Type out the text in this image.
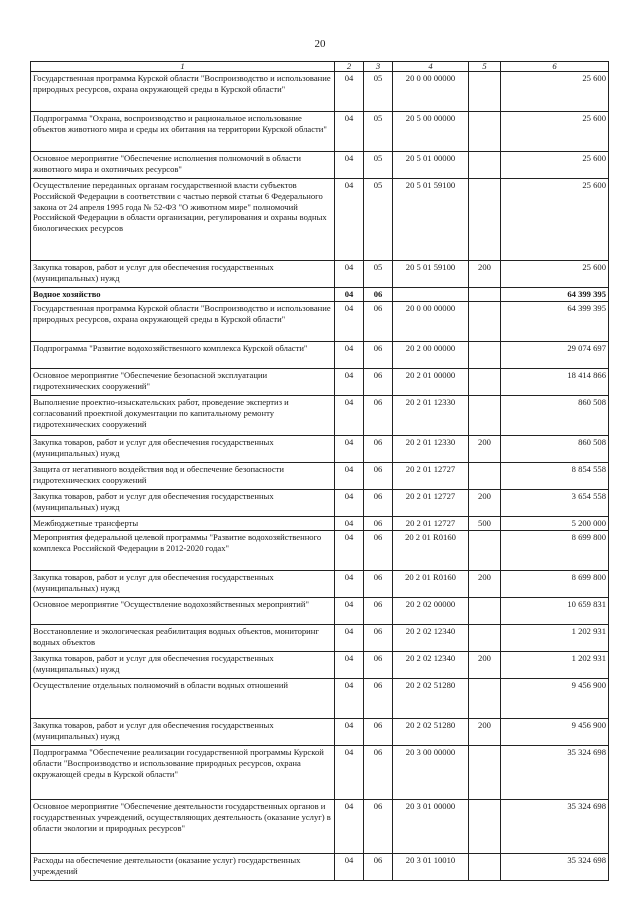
20
1	2	3	4	5	6
Государственная программа Курской области "Воспроизводство и использование природных ресурсов, охрана окружающей среды в Курской области"	04	05	20 0 00 00000		25 600
Подпрограмма "Охрана, воспроизводство и рациональное использование объектов животного мира и среды их обитания на территории Курской области"	04	05	20 5 00 00000		25 600
Основное мероприятие "Обеспечение исполнения полномочий в области животного мира и охотничьих ресурсов"	04	05	20 5 01 00000		25 600
Осуществление переданных органам государственной власти субъектов Российской Федерации в соответствии с частью первой статьи 6 Федерального закона от 24 апреля 1995 года № 52-ФЗ "О животном мире" полномочий Российской Федерации в области организации, регулирования и охраны водных биологических ресурсов	04	05	20 5 01 59100		25 600
Закупка товаров, работ и услуг для обеспечения государственных (муниципальных) нужд	04	05	20 5 01 59100	200	25 600
Водное хозяйство	04	06			64 399 395
Государственная программа Курской области "Воспроизводство и использование природных ресурсов, охрана окружающей среды в Курской области"	04	06	20 0 00 00000		64 399 395
Подпрограмма "Развитие водохозяйственного комплекса Курской области"	04	06	20 2 00 00000		29 074 697
Основное мероприятие "Обеспечение безопасной эксплуатации гидротехнических сооружений"	04	06	20 2 01 00000		18 414 866
Выполнение проектно-изыскательских работ, проведение экспертиз и согласований проектной документации по капитальному ремонту гидротехнических сооружений	04	06	20 2 01 12330		860 508
Закупка товаров, работ и услуг для обеспечения государственных (муниципальных) нужд	04	06	20 2 01 12330	200	860 508
Защита от негативного воздействия вод и обеспечение безопасности гидротехнических сооружений	04	06	20 2 01 12727		8 854 558
Закупка товаров, работ и услуг для обеспечения государственных (муниципальных) нужд	04	06	20 2 01 12727	200	3 654 558
Межбюджетные трансферты	04	06	20 2 01 12727	500	5 200 000
Мероприятия федеральной целевой программы "Развитие водохозяйственного комплекса Российской Федерации в 2012-2020 годах"	04	06	20 2 01 R0160		8 699 800
Закупка товаров, работ и услуг для обеспечения государственных (муниципальных) нужд	04	06	20 2 01 R0160	200	8 699 800
Основное мероприятие "Осуществление водохозяйственных мероприятий"	04	06	20 2 02 00000		10 659 831
Восстановление и экологическая реабилитация водных объектов, мониторинг водных объектов	04	06	20 2 02 12340		1 202 931
Закупка товаров, работ и услуг для обеспечения государственных (муниципальных) нужд	04	06	20 2 02 12340	200	1 202 931
Осуществление отдельных полномочий в области водных отношений	04	06	20 2 02 51280		9 456 900
Закупка товаров, работ и услуг для обеспечения государственных (муниципальных) нужд	04	06	20 2 02 51280	200	9 456 900
Подпрограмма "Обеспечение реализации государственной программы Курской области "Воспроизводство и использование природных ресурсов, охрана окружающей среды в Курской области"	04	06	20 3 00 00000		35 324 698
Основное мероприятие "Обеспечение деятельности государственных органов и государственных учреждений, осуществляющих деятельность (оказание услуг) в области экологии и природных ресурсов"	04	06	20 3 01 00000		35 324 698
Расходы на обеспечение деятельности (оказание услуг) государственных учреждений	04	06	20 3 01 10010		35 324 698
